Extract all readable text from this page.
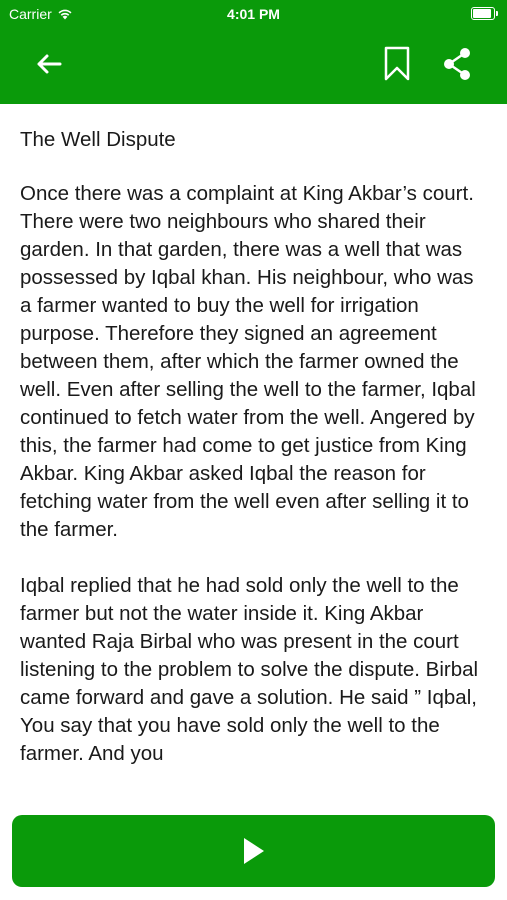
Carrier	4:01 PM
The Well Dispute

Once there was a complaint at King Akbar’s court. There were two neighbours who shared their garden. In that garden, there was a well that was possessed by Iqbal khan. His neighbour, who was a farmer wanted to buy the well for irrigation purpose. Therefore they signed an agreement between them, after which the farmer owned the well. Even after selling the well to the farmer, Iqbal continued to fetch water from the well. Angered by this, the farmer had come to get justice from King Akbar. King Akbar asked Iqbal the reason for fetching water from the well even after selling it to the farmer.

Iqbal replied that he had sold only the well to the farmer but not the water inside it. King Akbar wanted Raja Birbal who was present in the court listening to the problem to solve the dispute. Birbal came forward and gave a solution. He said ” Iqbal, You say that you have sold only the well to the farmer. And you
